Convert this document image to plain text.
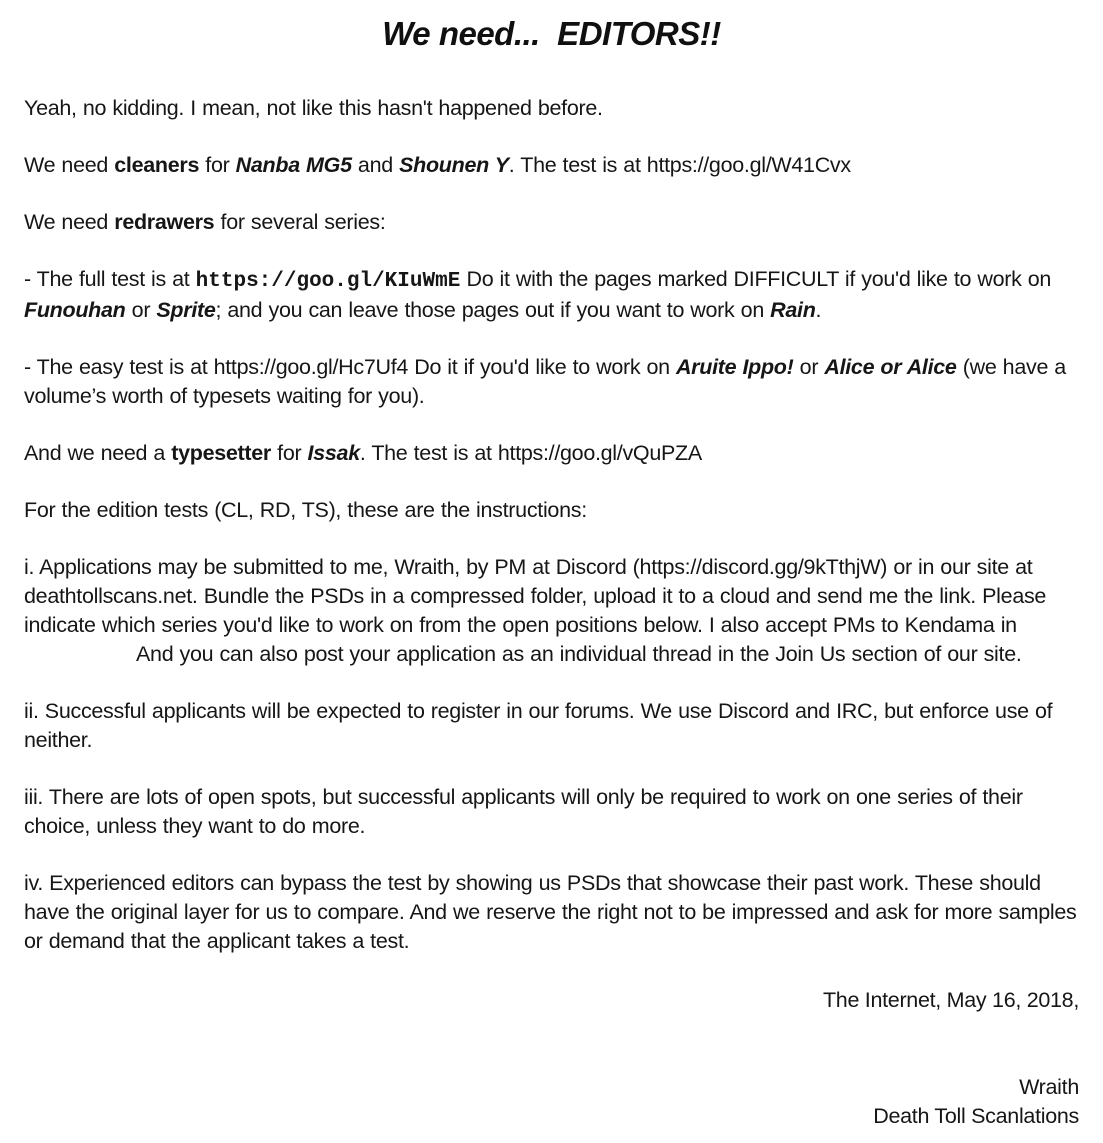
We need...  EDITORS!!

Yeah, no kidding. I mean, not like this hasn't happened before.

We need cleaners for Nanba MG5 and Shounen Y. The test is at https://goo.gl/W41Cvx

We need redrawers for several series:

- The full test is at https://goo.gl/KIuWmE Do it with the pages marked DIFFICULT if you'd like to work on Funouhan or Sprite; and you can leave those pages out if you want to work on Rain.

- The easy test is at https://goo.gl/Hc7Uf4 Do it if you'd like to work on Aruite Ippo! or Alice or Alice (we have a volume’s worth of typesets waiting for you).

And we need a typesetter for Issak. The test is at https://goo.gl/vQuPZA

For the edition tests (CL, RD, TS), these are the instructions:

i. Applications may be submitted to me, Wraith, by PM at Discord (https://discord.gg/9kTthjW) or in our site at deathtollscans.net. Bundle the PSDs in a compressed folder, upload it to a cloud and send me the link. Please indicate which series you'd like to work on from the open positions below. I also accept PMs to Kendama inAnd you can also post your application as an individual thread in the Join Us section of our site.

ii. Successful applicants will be expected to register in our forums. We use Discord and IRC, but enforce use of neither.

iii. There are lots of open spots, but successful applicants will only be required to work on one series of their choice, unless they want to do more.

iv. Experienced editors can bypass the test by showing us PSDs that showcase their past work. These should have the original layer for us to compare. And we reserve the right not to be impressed and ask for more samples or demand that the applicant takes a test.

The Internet, May 16, 2018,

Wraith

Death Toll Scanlations
